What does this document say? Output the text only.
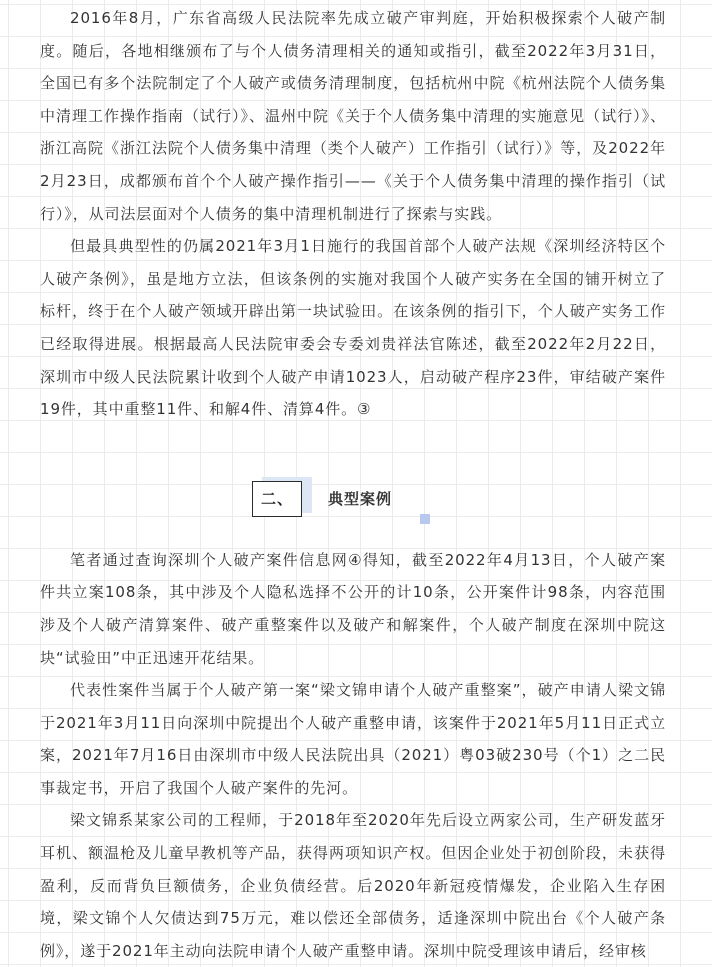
2016年8月，广东省高级人民法院率先成立破产审判庭，开始积极探索个人破产制度。随后，各地相继颁布了与个人债务清理相关的通知或指引，截至2022年3月31日，全国已有多个法院制定了个人破产或债务清理制度，包括杭州中院《杭州法院个人债务集中清理工作操作指南（试行）》、温州中院《关于个人债务集中清理的实施意见（试行）》、浙江高院《浙江法院个人债务集中清理（类个人破产）工作指引（试行）》等，及2022年2月23日，成都颁布首个个人破产操作指引——《关于个人债务集中清理的操作指引（试行）》，从司法层面对个人债务的集中清理机制进行了探索与实践。

但最具典型性的仍属2021年3月1日施行的我国首部个人破产法规《深圳经济特区个人破产条例》，虽是地方立法，但该条例的实施对我国个人破产实务在全国的铺开树立了标杆，终于在个人破产领域开辟出第一块试验田。在该条例的指引下，个人破产实务工作已经取得进展。根据最高人民法院审委会专委刘贵祥法官陈述，截至2022年2月22日，深圳市中级人民法院累计收到个人破产申请1023人，启动破产程序23件，审结破产案件19件，其中重整11件、和解4件、清算4件。③

二、	典型案例

笔者通过查询深圳个人破产案件信息网④得知，截至2022年4月13日，个人破产案件共立案108条，其中涉及个人隐私选择不公开的计10条，公开案件计98条，内容范围涉及个人破产清算案件、破产重整案件以及破产和解案件，个人破产制度在深圳中院这块“试验田”中正迅速开花结果。

代表性案件当属于个人破产第一案“梁文锦申请个人破产重整案”，破产申请人梁文锦于2021年3月11日向深圳中院提出个人破产重整申请，该案件于2021年5月11日正式立案，2021年7月16日由深圳市中级人民法院出具（2021）粤03破230号（个1）之二民事裁定书，开启了我国个人破产案件的先河。

梁文锦系某家公司的工程师，于2018年至2020年先后设立两家公司，生产研发蓝牙耳机、额温枪及儿童早教机等产品，获得两项知识产权。但因企业处于初创阶段，未获得盈利，反而背负巨额债务，企业负债经营。后2020年新冠疫情爆发，企业陷入生存困境，梁文锦个人欠债达到75万元，难以偿还全部债务，适逢深圳中院出台《个人破产条例》，遂于2021年主动向法院申请个人破产重整申请。深圳中院受理该申请后，经审核
